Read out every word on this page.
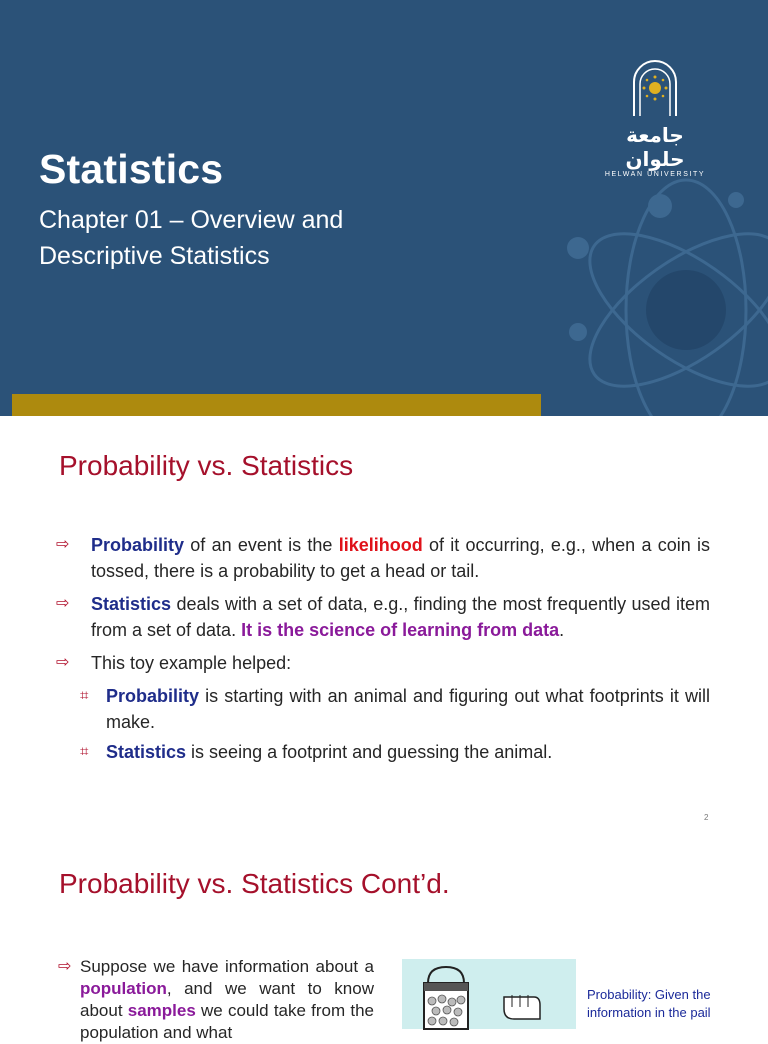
جامعة حلوان
HELWAN UNIVERSITY
Statistics
Chapter 01 – Overview and
Descriptive Statistics
Probability vs. Statistics
⇨	Probability of an event is the likelihood of it occurring, e.g., when a coin is tossed, there is a probability to get a head or tail.
⇨	Statistics deals with a set of data, e.g., finding the most frequently used item from a set of data. It is the science of learning from data.
⇨	This toy example helped:
⌗ Probability is starting with an animal and figuring out what footprints it will make.
⌗ Statistics is seeing a footprint and guessing the animal.
2
Probability vs. Statistics Cont’d.
⇨ Suppose we have information about a population, and we want to know about samples we could take from the population and what
Probability: Given the information in the pail
